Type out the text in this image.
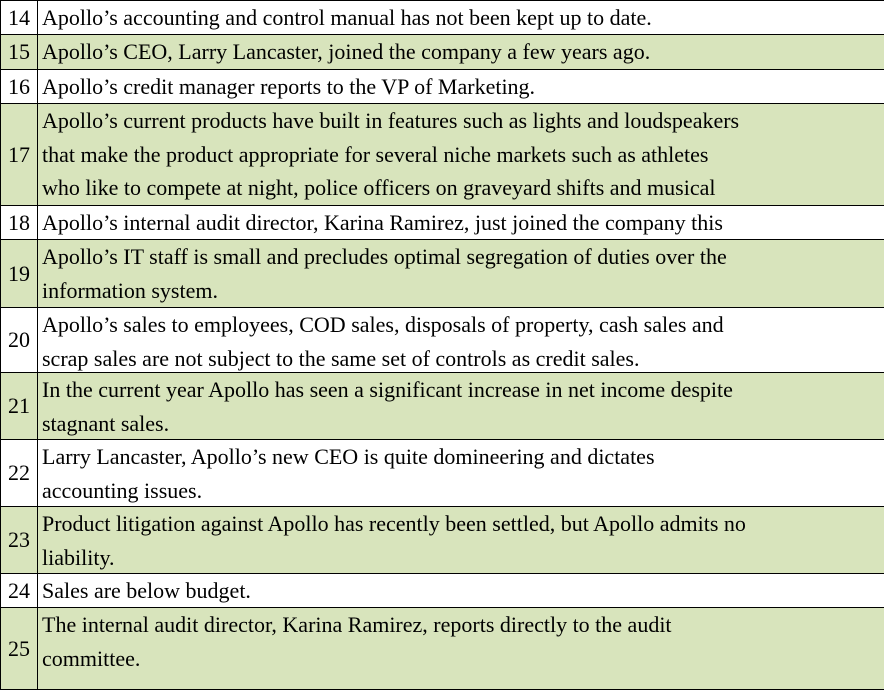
14 Apollo’s accounting and control manual has not been kept up to date.
15 Apollo’s CEO, Larry Lancaster, joined the company a few years ago.
16 Apollo’s credit manager reports to the VP of Marketing.
17
Apollo’s current products have built in features such as lights and loudspeakers
that make the product appropriate for several niche markets such as athletes
who like to compete at night, police officers on graveyard shifts and musical
18 Apollo’s internal audit director, Karina Ramirez, just joined the company this
19
Apollo’s IT staff is small and precludes optimal segregation of duties over the
information system.
20
Apollo’s sales to employees, COD sales, disposals of property, cash sales and
scrap sales are not subject to the same set of controls as credit sales.
21
In the current year Apollo has seen a significant increase in net income despite
stagnant sales.
22
Larry Lancaster, Apollo’s new CEO is quite domineering and dictates
accounting issues.
23
Product litigation against Apollo has recently been settled, but Apollo admits no
liability.
24 Sales are below budget.
25
The internal audit director, Karina Ramirez, reports directly to the audit
committee.
